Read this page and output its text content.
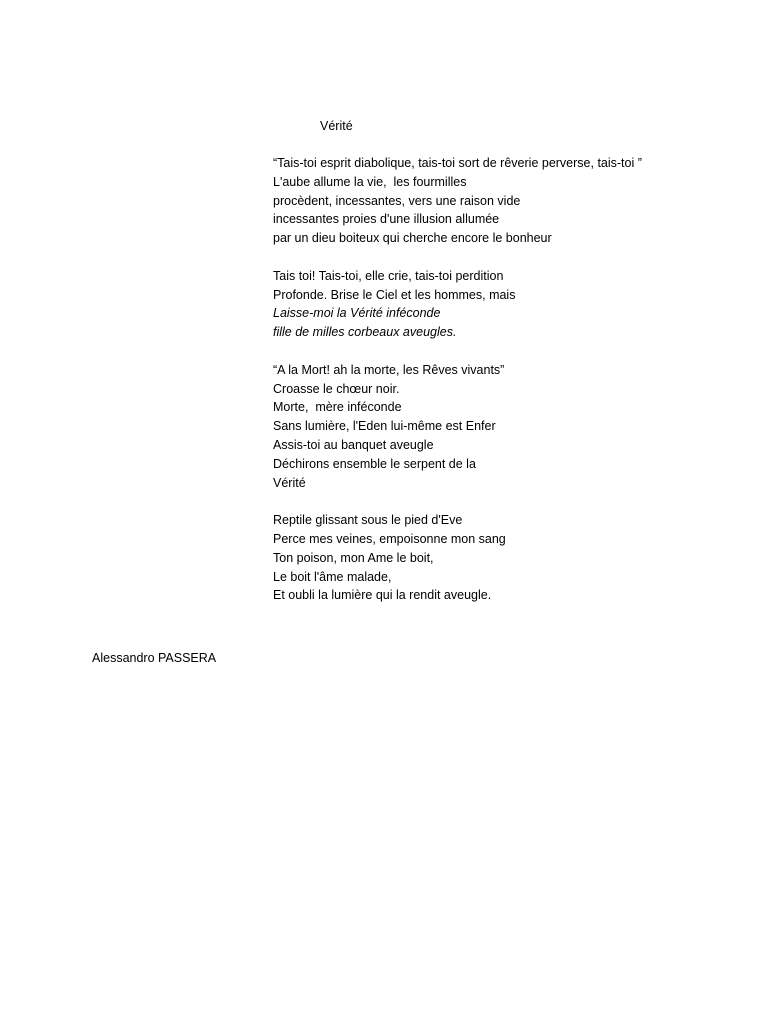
Vérité
“Tais-toi esprit diabolique, tais-toi sort de rêverie perverse, tais-toi ”
L'aube allume la vie,  les fourmilles
procèdent, incessantes, vers une raison vide
incessantes proies d'une illusion allumée
par un dieu boiteux qui cherche encore le bonheur
Tais toi! Tais-toi, elle crie, tais-toi perdition
Profonde. Brise le Ciel et les hommes, mais
Laisse-moi la Vérité inféconde
fille de milles corbeaux aveugles.
“A la Mort! ah la morte, les Rêves vivants”
Croasse le chœur noir.
Morte,  mère inféconde
Sans lumière, l'Eden lui-même est Enfer
Assis-toi au banquet aveugle
Déchirons ensemble le serpent de la
Vérité
Reptile glissant sous le pied d'Eve
Perce mes veines, empoisonne mon sang
Ton poison, mon Ame le boit,
Le boit l'âme malade,
Et oubli la lumière qui la rendit aveugle.
Alessandro PASSERA
